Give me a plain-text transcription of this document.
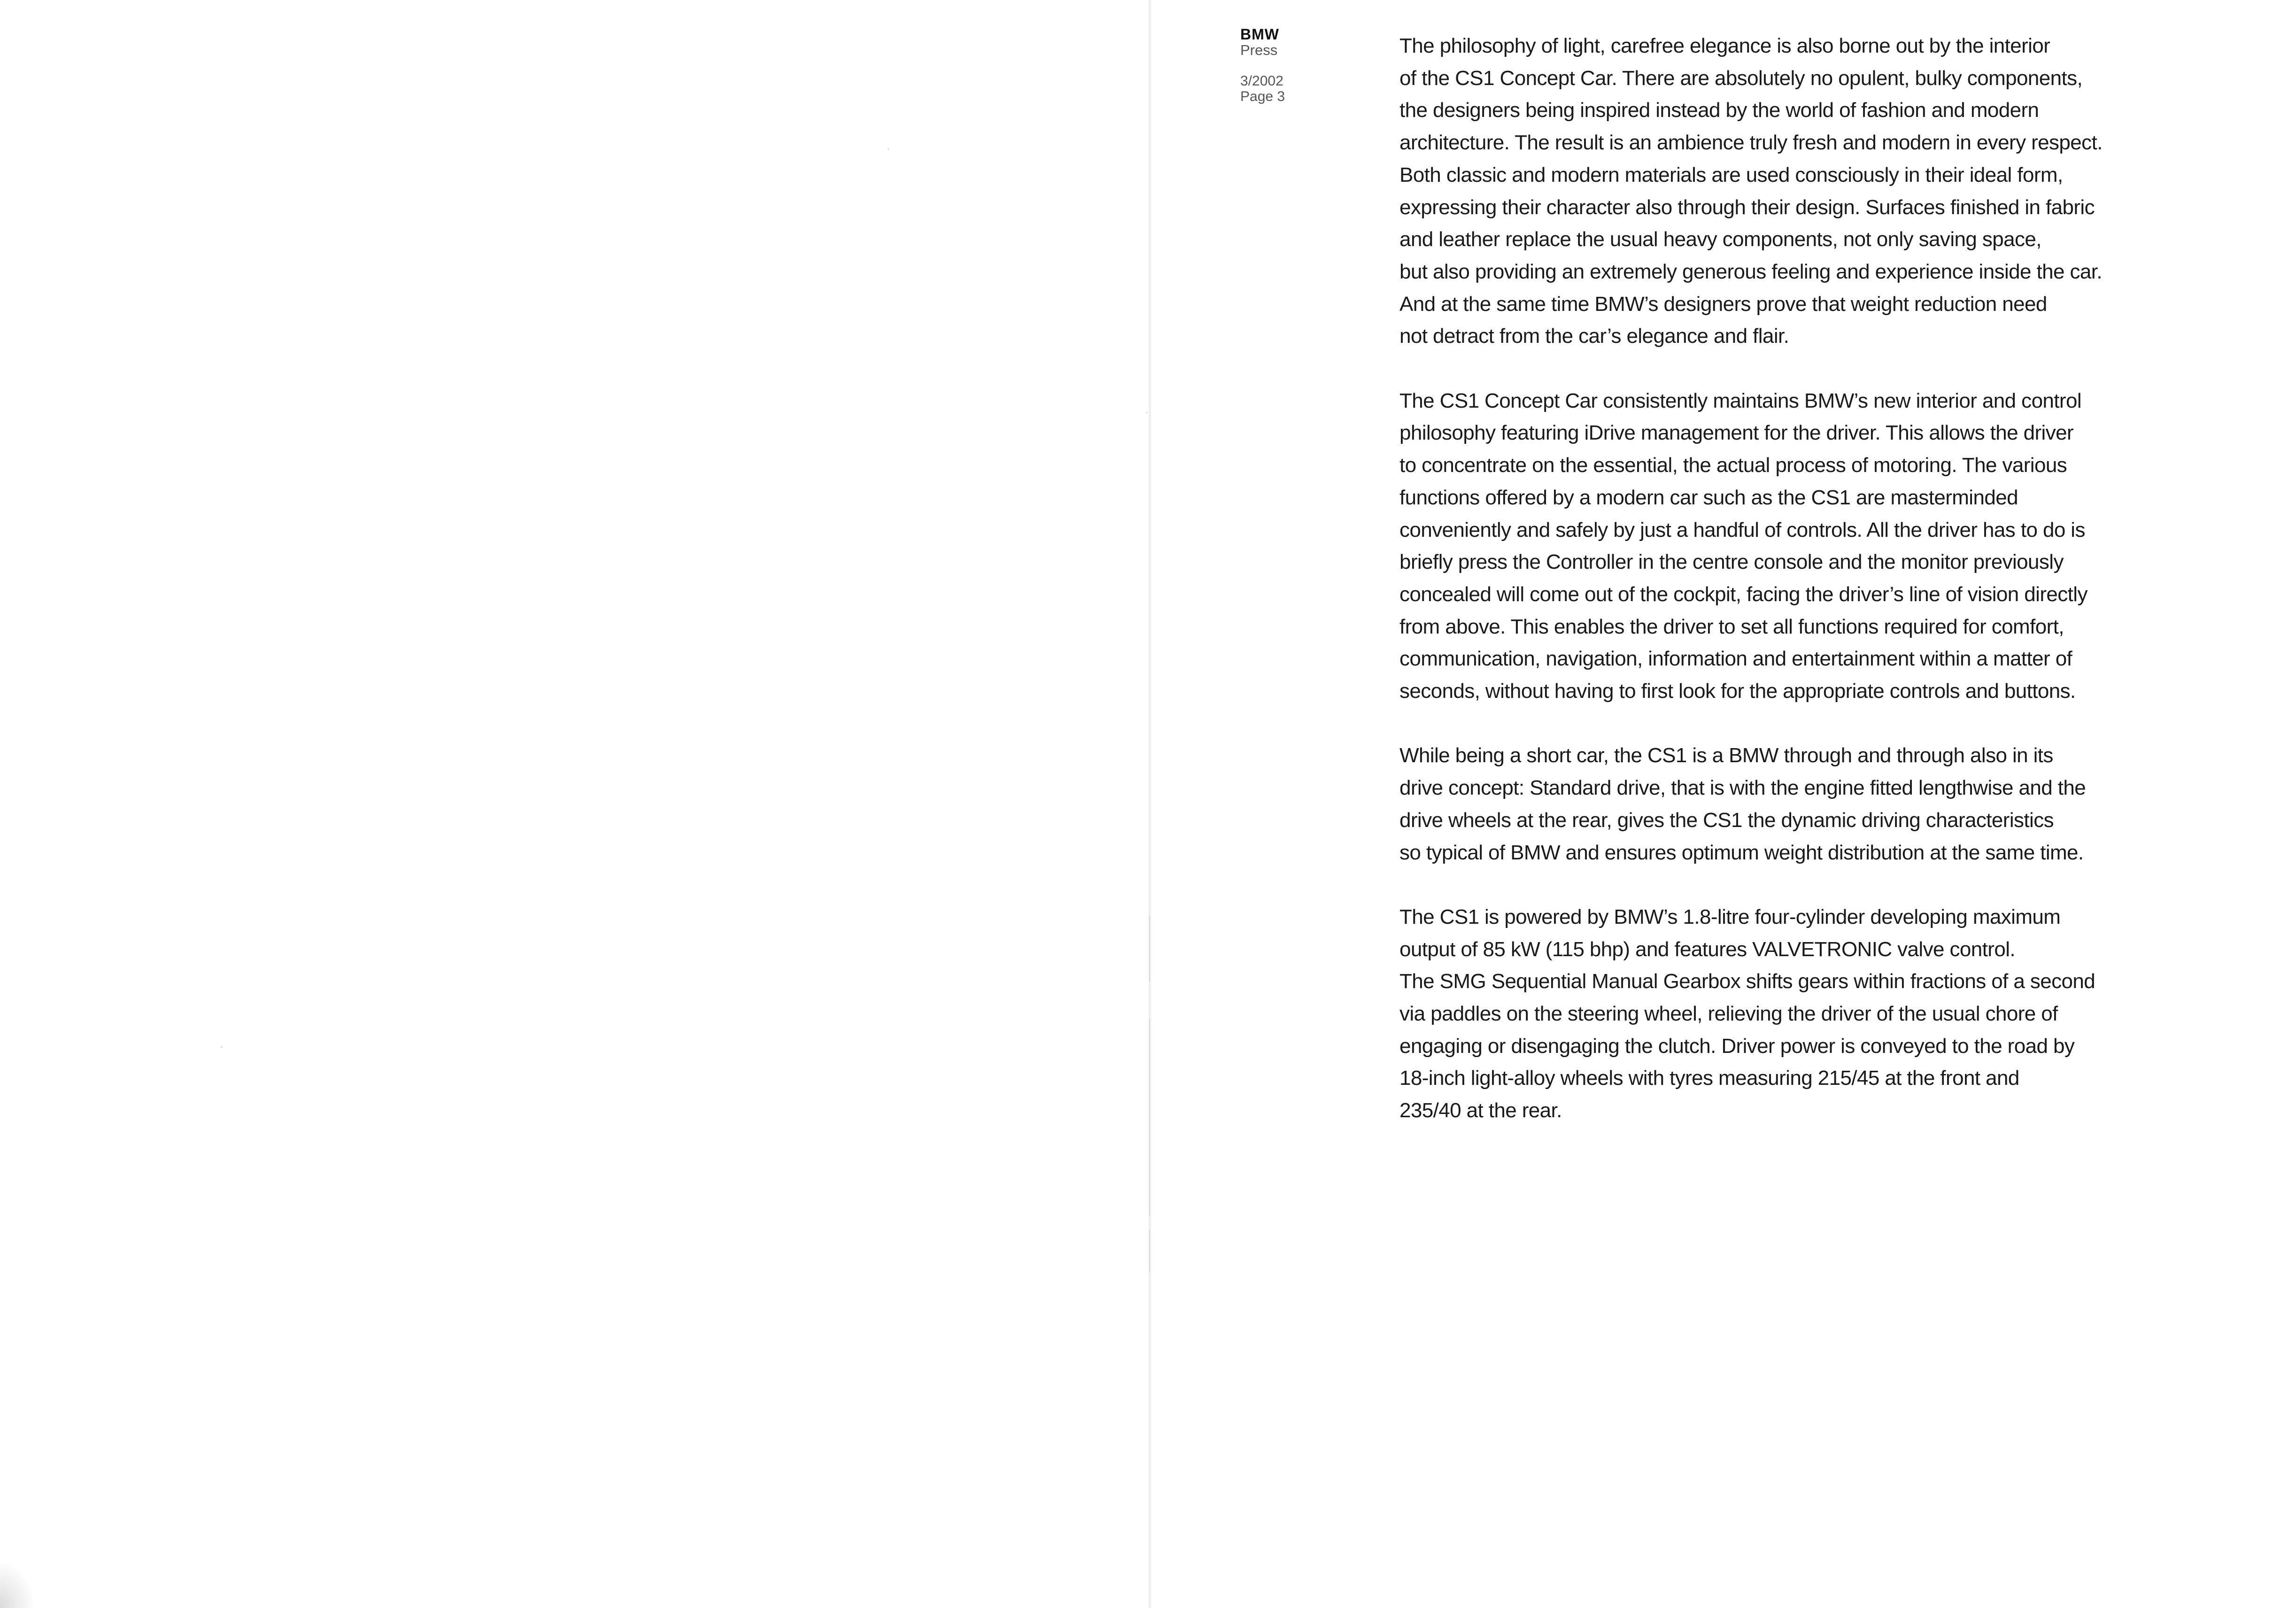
BMW
Press
3/2002
Page 3
The philosophy of light, carefree elegance is also borne out by the interior
of the CS1 Concept Car. There are absolutely no opulent, bulky components,
the designers being inspired instead by the world of fashion and modern
architecture. The result is an ambience truly fresh and modern in every respect.
Both classic and modern materials are used consciously in their ideal form,
expressing their character also through their design. Surfaces finished in fabric
and leather replace the usual heavy components, not only saving space,
but also providing an extremely generous feeling and experience inside the car.
And at the same time BMW’s designers prove that weight reduction need
not detract from the car’s elegance and flair.
The CS1 Concept Car consistently maintains BMW’s new interior and control
philosophy featuring iDrive management for the driver. This allows the driver
to concentrate on the essential, the actual process of motoring. The various
functions offered by a modern car such as the CS1 are masterminded
conveniently and safely by just a handful of controls. All the driver has to do is
briefly press the Controller in the centre console and the monitor previously
concealed will come out of the cockpit, facing the driver’s line of vision directly
from above. This enables the driver to set all functions required for comfort,
communication, navigation, information and entertainment within a matter of
seconds, without having to first look for the appropriate controls and buttons.
While being a short car, the CS1 is a BMW through and through also in its
drive concept: Standard drive, that is with the engine fitted lengthwise and the
drive wheels at the rear, gives the CS1 the dynamic driving characteristics
so typical of BMW and ensures optimum weight distribution at the same time.
The CS1 is powered by BMW’s 1.8-litre four-cylinder developing maximum
output of 85 kW (115 bhp) and features VALVETRONIC valve control.
The SMG Sequential Manual Gearbox shifts gears within fractions of a second
via paddles on the steering wheel, relieving the driver of the usual chore of
engaging or disengaging the clutch. Driver power is conveyed to the road by
18-inch light-alloy wheels with tyres measuring 215/45 at the front and
235/40 at the rear.
